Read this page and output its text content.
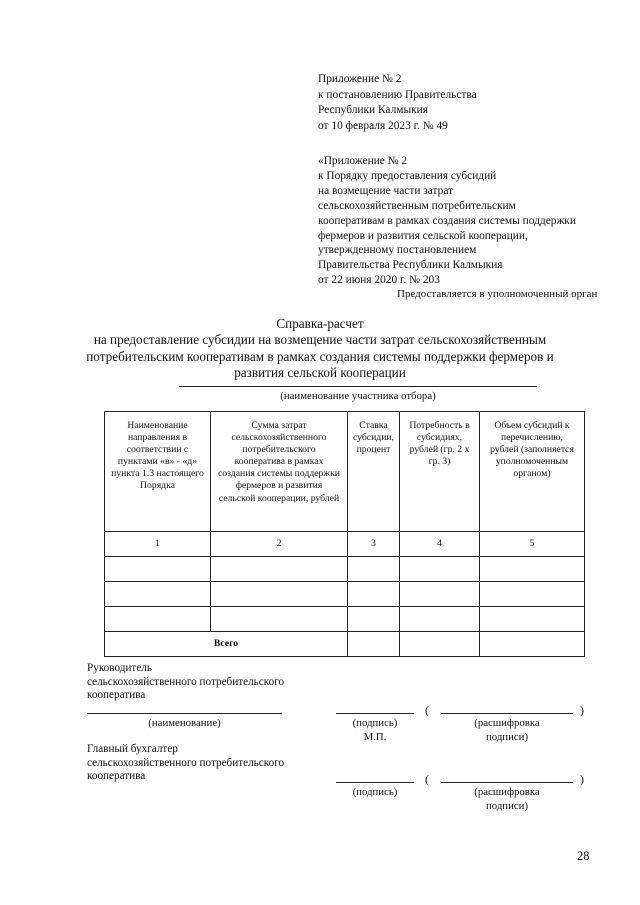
Приложение № 2
к постановлению Правительства
Республики Калмыкия
от 10 февраля 2023 г. № 49
«Приложение № 2
к Порядку предоставления субсидий
на возмещение части затрат
сельскохозяйственным потребительским
кооперативам в рамках создания системы поддержки
фермеров и развития сельской кооперации,
утвержденному постановлением
Правительства Республики Калмыкия
от 22 июня 2020 г. № 203
Предоставляется в уполномоченный орган
Справка-расчет
на предоставление субсидии на возмещение части затрат сельскохозяйственным
потребительским кооперативам в рамках создания системы поддержки фермеров и
развития сельской кооперации
(наименование участника отбора)
Наименование направления в соответствии с пунктами «в» - «д» пункта 1.3 настоящего Порядка	Сумма затрат сельскохозяйственного потребительского кооператива в рамках создания системы поддержки фермеров и развития сельской кооперации, рублей	Ставка субсидии, процент	Потребность в субсидиях, рублей (гр. 2 х гр. 3)	Объем субсидий к перечислению, рублей (заполняется уполномоченным органом)

1	2	3	4	5

Всего				
Руководитель
сельскохозяйственного потребительского
кооператива
(	)
(наименование)	(подпись)
М.П.
(расшифровка
подписи)
Главный бухгалтер
сельскохозяйственного потребительского
кооператива	(	)
(подпись)	(расшифровка
подписи)
28
